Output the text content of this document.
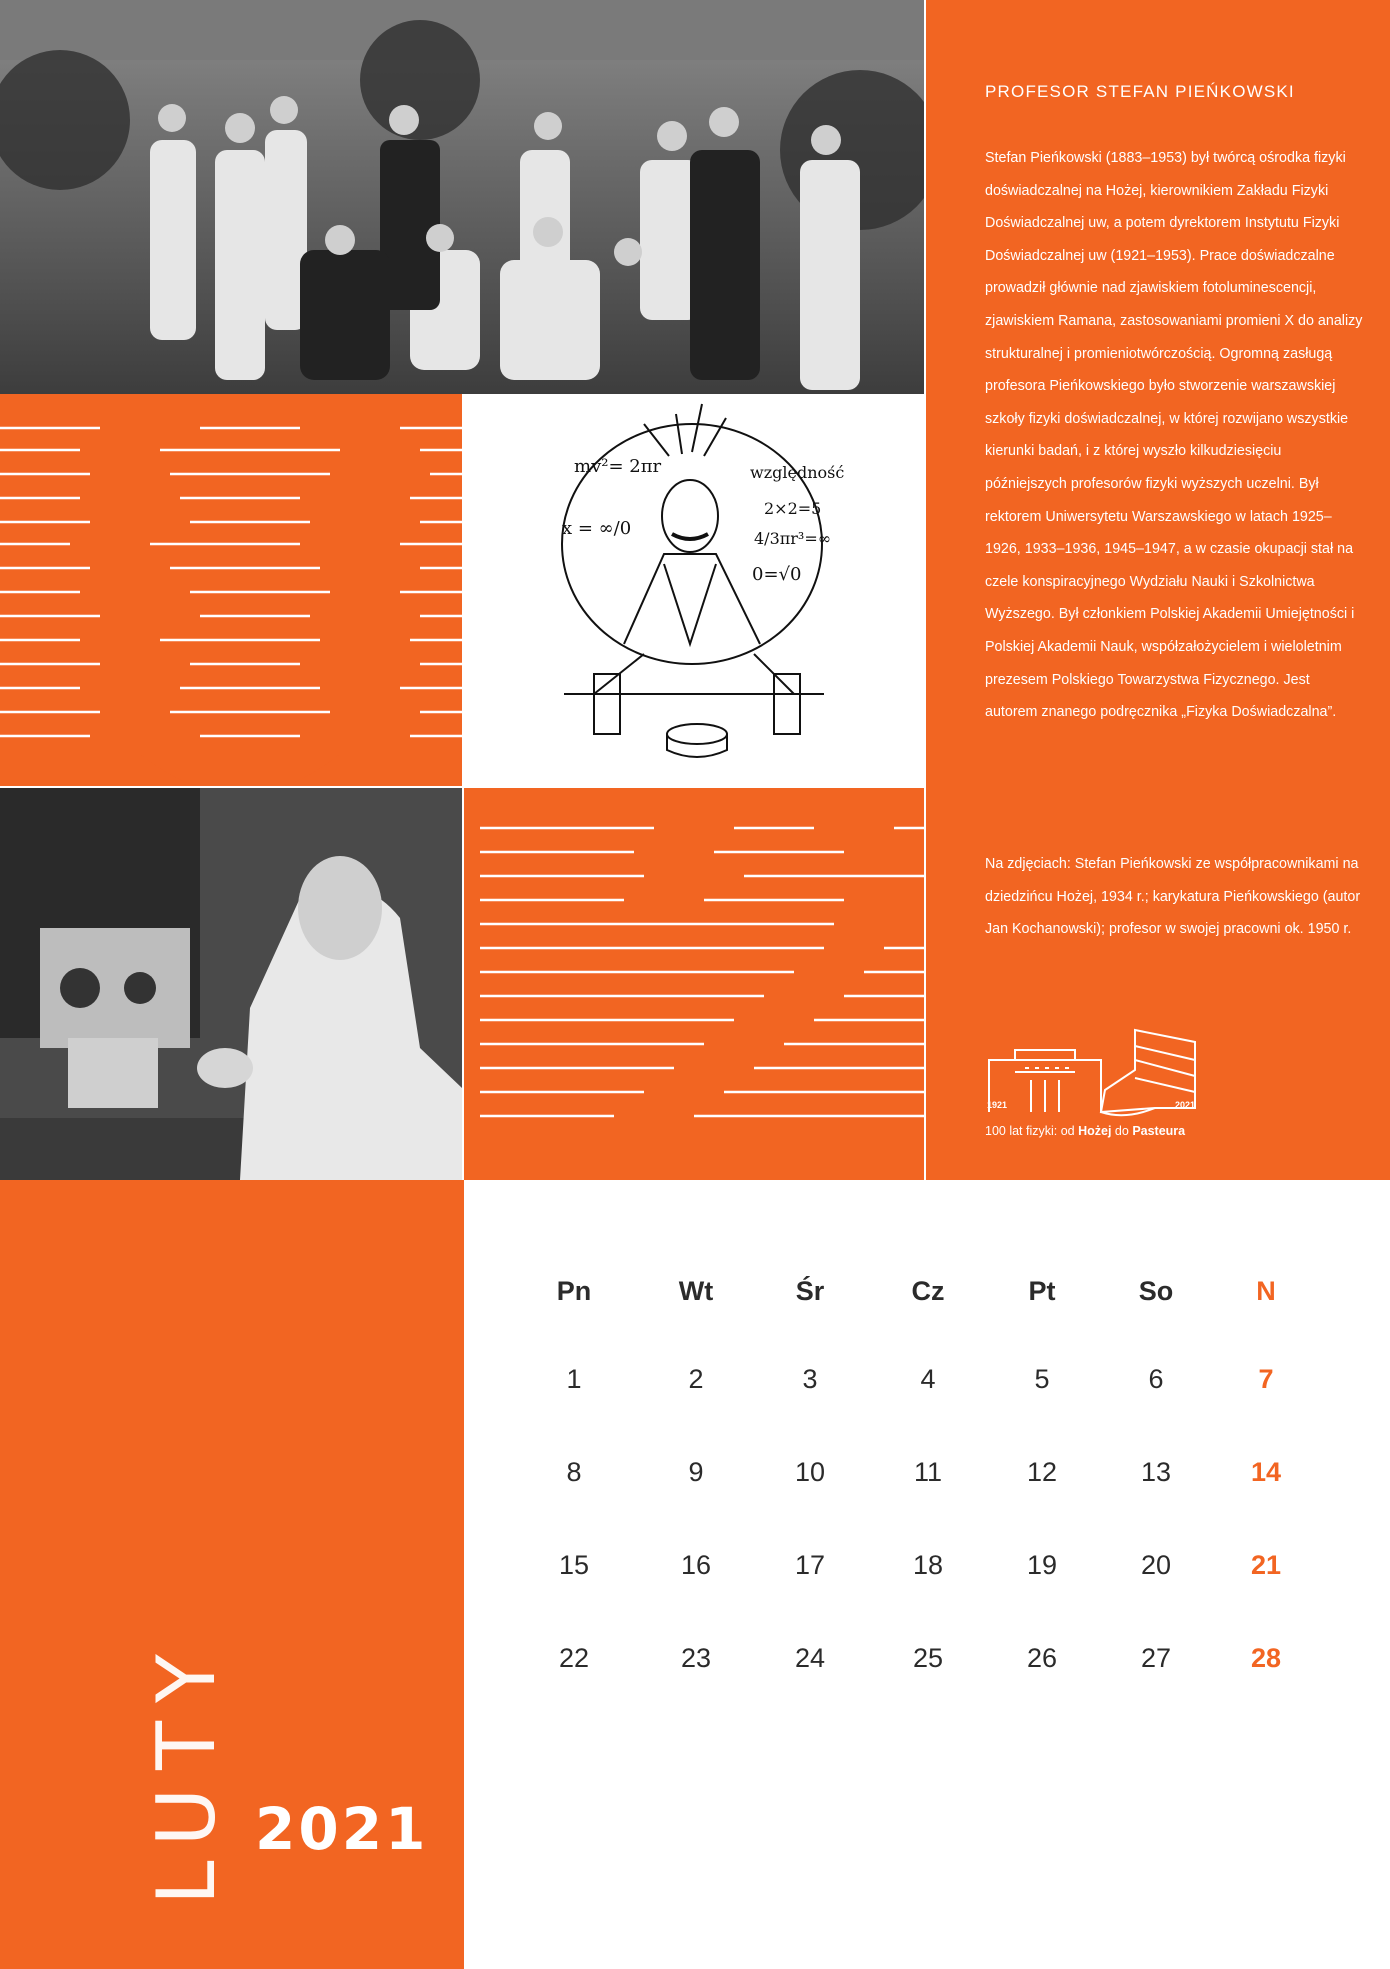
mv²= 2πr	względność
x = ∞/0
2×2=5
4/3πr³=∞
0=√0
PROFESOR STEFAN PIEŃKOWSKI
Stefan Pieńkowski (1883–1953) był twórcą ośrodka fizyki doświadczalnej na Hożej, kierownikiem Zakładu Fizyki Doświadczalnej uw, a potem dyrektorem Instytutu Fizyki Doświadczalnej uw (1921–1953). Prace doświadczalne prowadził głównie nad zjawiskiem fotoluminescencji, zjawiskiem Ramana, zastosowaniami promieni X do analizy strukturalnej i promieniotwórczością. Ogromną zasługą profesora Pieńkowskiego było stworzenie warszawskiej szkoły fizyki doświadczalnej, w której rozwijano wszystkie kierunki badań, i z której wyszło kilkudziesięciu późniejszych profesorów fizyki wyższych uczelni. Był rektorem Uniwersytetu Warszawskiego w latach 1925–1926, 1933–1936, 1945–1947, a w czasie okupacji stał na czele konspiracyjnego Wydziału Nauki i Szkolnictwa Wyższego. Był członkiem Polskiej Akademii Umiejętności i Polskiej Akademii Nauk, współzałożycielem i wieloletnim prezesem Polskiego Towarzystwa Fizycznego. Jest autorem znanego podręcznika „Fizyka Doświadczalna”.
Na zdjęciach: Stefan Pieńkowski ze współpracownikami na dziedzińcu Hożej, 1934 r.; karykatura Pieńkowskiego (autor Jan Kochanowski); profesor w swojej pracowni ok. 1950 r.
1921	2021
100 lat fizyki: od Hożej do Pasteura
LUTY 2021
Pn	Wt	Śr	Cz	Pt	So	N
1	2	3	4	5	6	7
8	9	10	11	12	13	14
15	16	17	18	19	20	21
22	23	24	25	26	27	28
